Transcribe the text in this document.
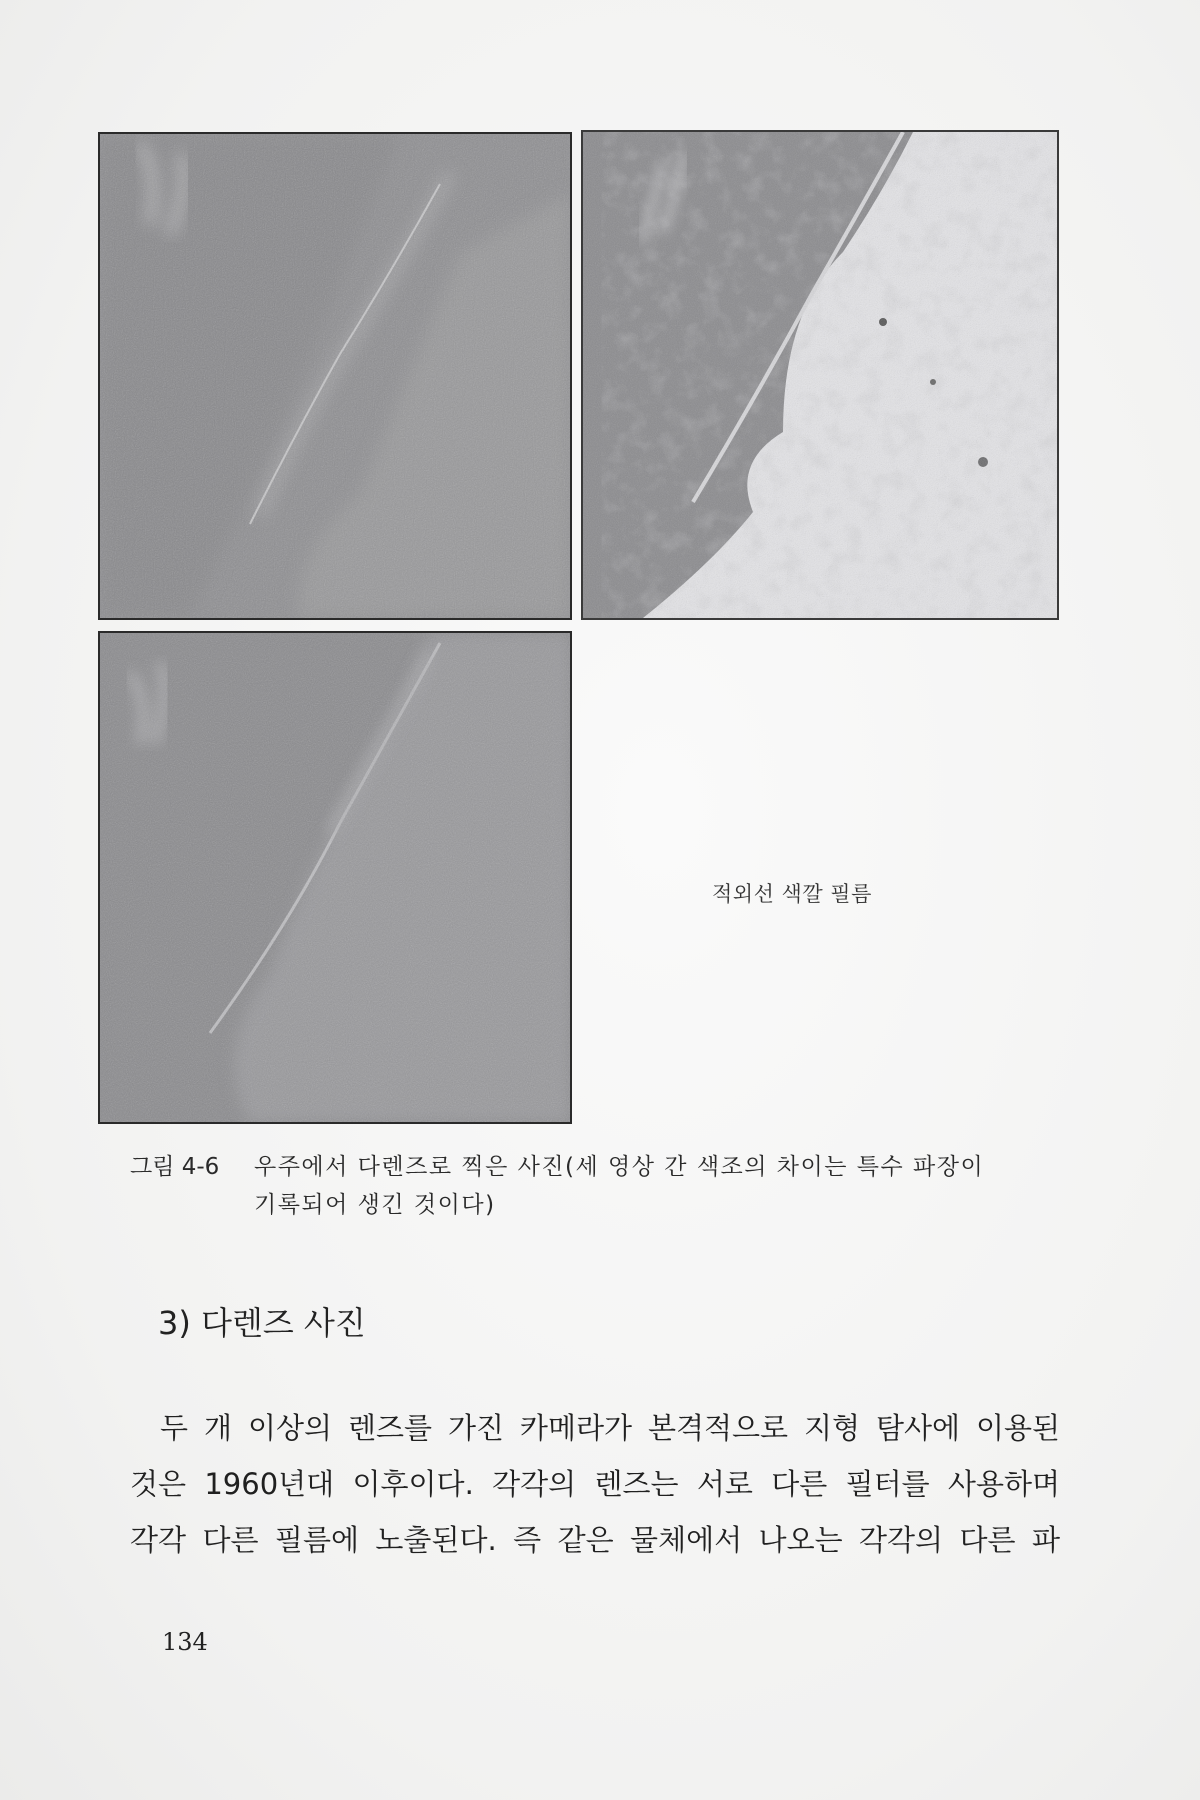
적외선 색깔 필름
그림 4-6 우주에서 다렌즈로 찍은 사진(세 영상 간 색조의 차이는 특수 파장이
기록되어 생긴 것이다)
3) 다렌즈 사진
두 개 이상의 렌즈를 가진 카메라가 본격적으로 지형 탐사에 이용된
것은 1960년대 이후이다. 각각의 렌즈는 서로 다른 필터를 사용하며
각각 다른 필름에 노출된다. 즉 같은 물체에서 나오는 각각의 다른 파
134
